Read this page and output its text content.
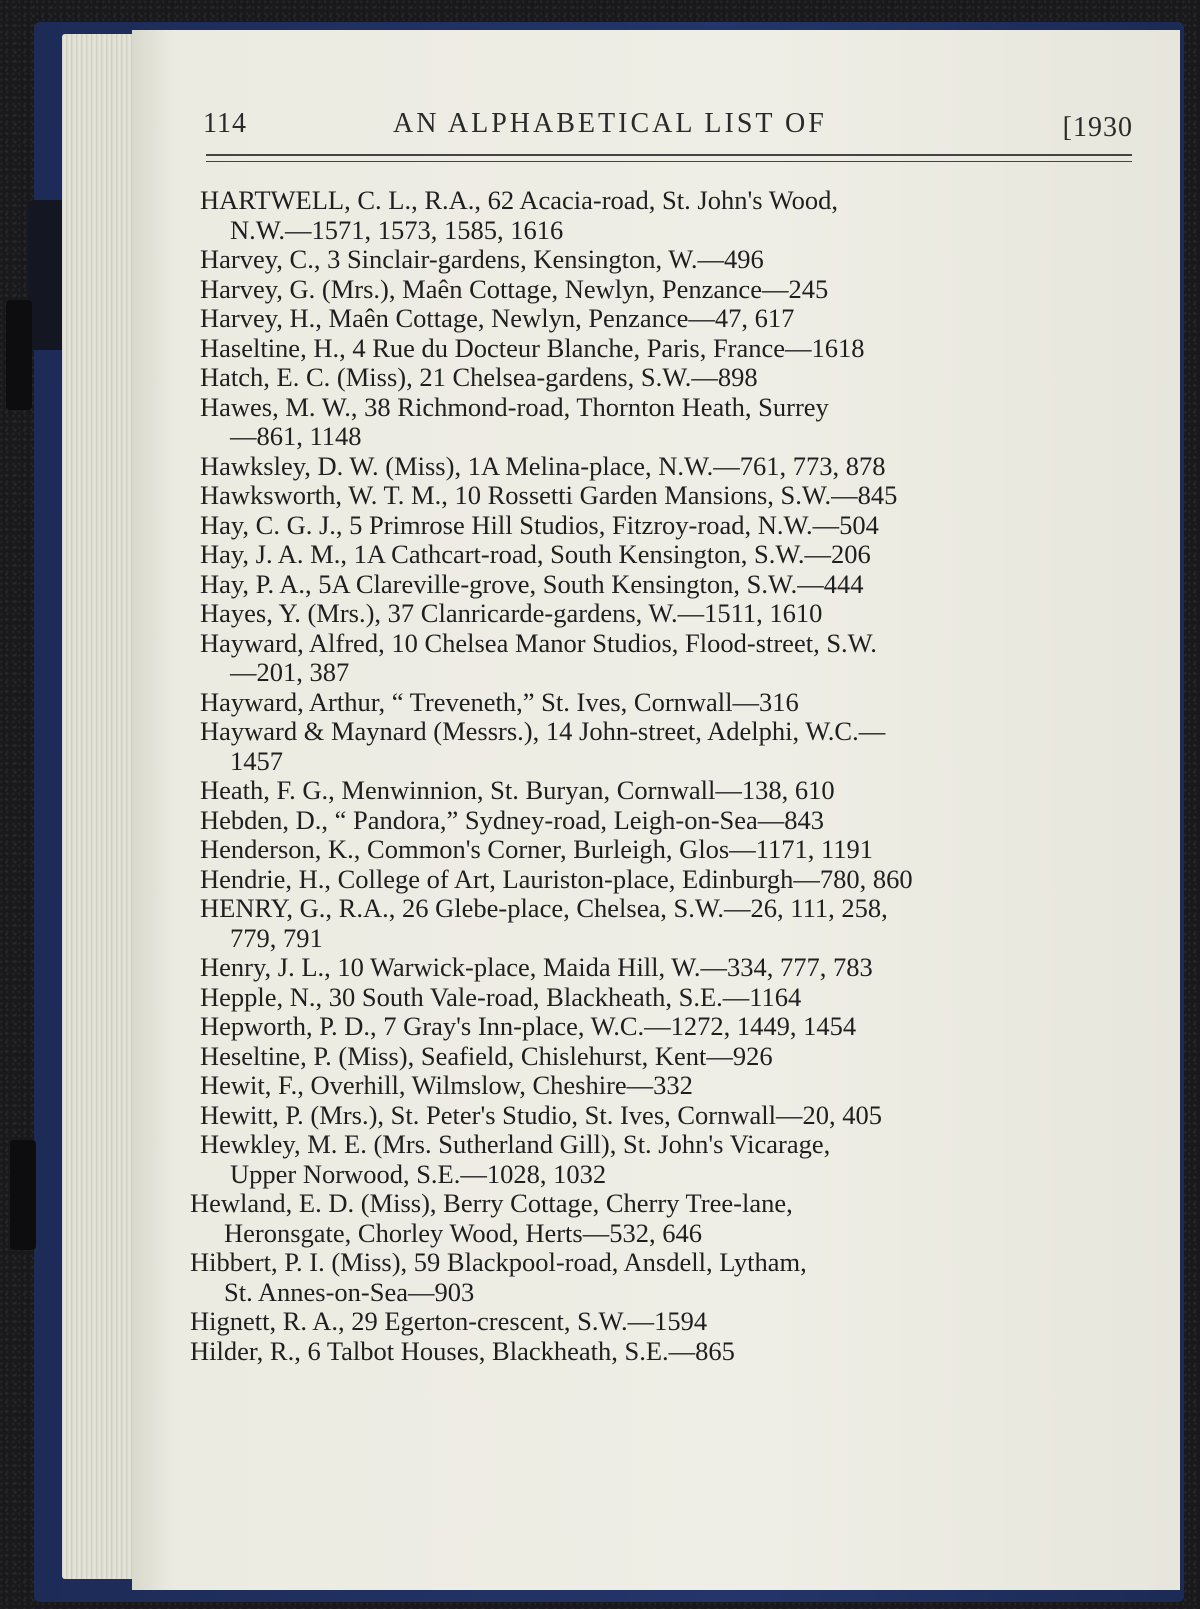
114	AN ALPHABETICAL LIST OF	[1930

HARTWELL, C. L., R.A., 62 Acacia-road, St. John's Wood,
N.W.—1571, 1573, 1585, 1616

Harvey, C., 3 Sinclair-gardens, Kensington, W.—496

Harvey, G. (Mrs.), Maên Cottage, Newlyn, Penzance—245

Harvey, H., Maên Cottage, Newlyn, Penzance—47, 617

Haseltine, H., 4 Rue du Docteur Blanche, Paris, France—1618

Hatch, E. C. (Miss), 21 Chelsea-gardens, S.W.—898

Hawes, M. W., 38 Richmond-road, Thornton Heath, Surrey
—861, 1148

Hawksley, D. W. (Miss), 1A Melina-place, N.W.—761, 773, 878

Hawksworth, W. T. M., 10 Rossetti Garden Mansions, S.W.—845

Hay, C. G. J., 5 Primrose Hill Studios, Fitzroy-road, N.W.—504

Hay, J. A. M., 1A Cathcart-road, South Kensington, S.W.—206

Hay, P. A., 5A Clareville-grove, South Kensington, S.W.—444

Hayes, Y. (Mrs.), 37 Clanricarde-gardens, W.—1511, 1610

Hayward, Alfred, 10 Chelsea Manor Studios, Flood-street, S.W.
—201, 387

Hayward, Arthur, “ Treveneth,” St. Ives, Cornwall—316

Hayward & Maynard (Messrs.), 14 John-street, Adelphi, W.C.—
1457

Heath, F. G., Menwinnion, St. Buryan, Cornwall—138, 610

Hebden, D., “ Pandora,” Sydney-road, Leigh-on-Sea—843

Henderson, K., Common's Corner, Burleigh, Glos—1171, 1191

Hendrie, H., College of Art, Lauriston-place, Edinburgh—780, 860

HENRY, G., R.A., 26 Glebe-place, Chelsea, S.W.—26, 111, 258,
779, 791

Henry, J. L., 10 Warwick-place, Maida Hill, W.—334, 777, 783

Hepple, N., 30 South Vale-road, Blackheath, S.E.—1164

Hepworth, P. D., 7 Gray's Inn-place, W.C.—1272, 1449, 1454

Heseltine, P. (Miss), Seafield, Chislehurst, Kent—926

Hewit, F., Overhill, Wilmslow, Cheshire—332

Hewitt, P. (Mrs.), St. Peter's Studio, St. Ives, Cornwall—20, 405

Hewkley, M. E. (Mrs. Sutherland Gill), St. John's Vicarage,
Upper Norwood, S.E.—1028, 1032

Hewland, E. D. (Miss), Berry Cottage, Cherry Tree-lane,
Heronsgate, Chorley Wood, Herts—532, 646

Hibbert, P. I. (Miss), 59 Blackpool-road, Ansdell, Lytham,
St. Annes-on-Sea—903

Hignett, R. A., 29 Egerton-crescent, S.W.—1594

Hilder, R., 6 Talbot Houses, Blackheath, S.E.—865
